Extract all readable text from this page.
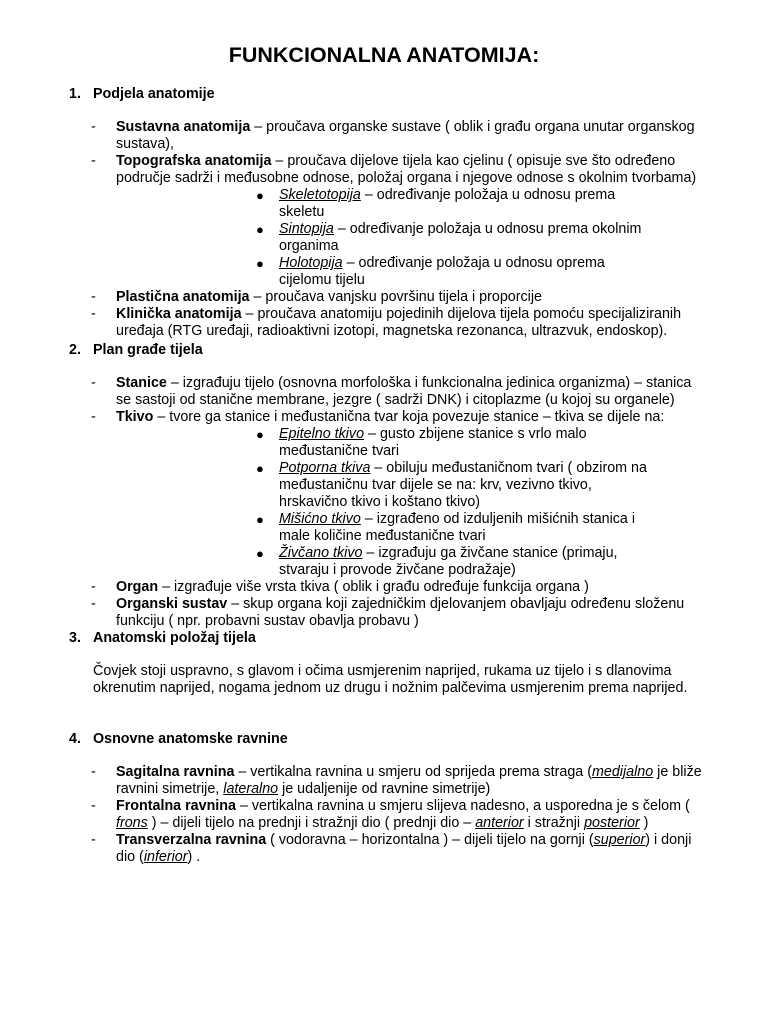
FUNKCIONALNA ANATOMIJA:
1. Podjela anatomije
- Sustavna anatomija – proučava organske sustave ( oblik i građu organa unutar organskog sustava),
- Topografska anatomija – proučava dijelove tijela kao cjelinu ( opisuje sve što određeno područje sadrži i međusobne odnose, položaj organa i njegove odnose s okolnim tvorbama)
● Skeletotopija – određivanje položaja u odnosu prema skeletu
● Sintopija – određivanje položaja u odnosu prema okolnim organima
● Holotopija – određivanje položaja u odnosu oprema cijelomu tijelu
- Plastična anatomija – proučava vanjsku površinu tijela i proporcije
- Klinička anatomija – proučava anatomiju pojedinih dijelova tijela pomoću specijaliziranih uređaja (RTG uređaji, radioaktivni izotopi, magnetska rezonanca, ultrazvuk, endoskop).
2. Plan građe tijela
- Stanice – izgrađuju tijelo (osnovna morfološka i funkcionalna jedinica organizma) – stanica se sastoji od stanične membrane, jezgre ( sadrži DNK) i citoplazme (u kojoj su organele)
- Tkivo – tvore ga stanice i međustanična tvar koja povezuje stanice – tkiva se dijele na:
● Epitelno tkivo – gusto zbijene stanice s vrlo malo međustanične tvari
● Potporna tkiva – obiluju međustaničnom tvari ( obzirom na međustaničnu tvar dijele se na: krv, vezivno tkivo, hrskavično tkivo i koštano tkivo)
● Mišićno tkivo – izgrađeno od izduljenih mišićnih stanica i male količine međustanične tvari
● Živčano tkivo – izgrađuju ga živčane stanice (primaju, stvaraju i provode živčane podražaje)
- Organ – izgrađuje više vrsta tkiva ( oblik i građu određuje funkcija organa )
- Organski sustav – skup organa koji zajedničkim djelovanjem obavljaju određenu složenu funkciju ( npr. probavni sustav obavlja probavu )
3. Anatomski položaj tijela

Čovjek stoji uspravno, s glavom i očima usmjerenim naprijed, rukama uz tijelo i s dlanovima okrenutim naprijed, nogama jednom uz drugu i nožnim palčevima usmjerenim prema naprijed.

4. Osnovne anatomske ravnine
- Sagitalna ravnina – vertikalna ravnina u smjeru od sprijeda prema straga (medijalno je bliže ravnini simetrije, lateralno je udaljenije od ravnine simetrije)
- Frontalna ravnina – vertikalna ravnina u smjeru slijeva nadesno, a usporedna je s čelom ( frons ) – dijeli tijelo na prednji i stražnji dio ( prednji dio – anterior i stražnji posterior )
- Transverzalna ravnina ( vodoravna – horizontalna ) – dijeli tijelo na gornji (superior) i donji dio (inferior) .
